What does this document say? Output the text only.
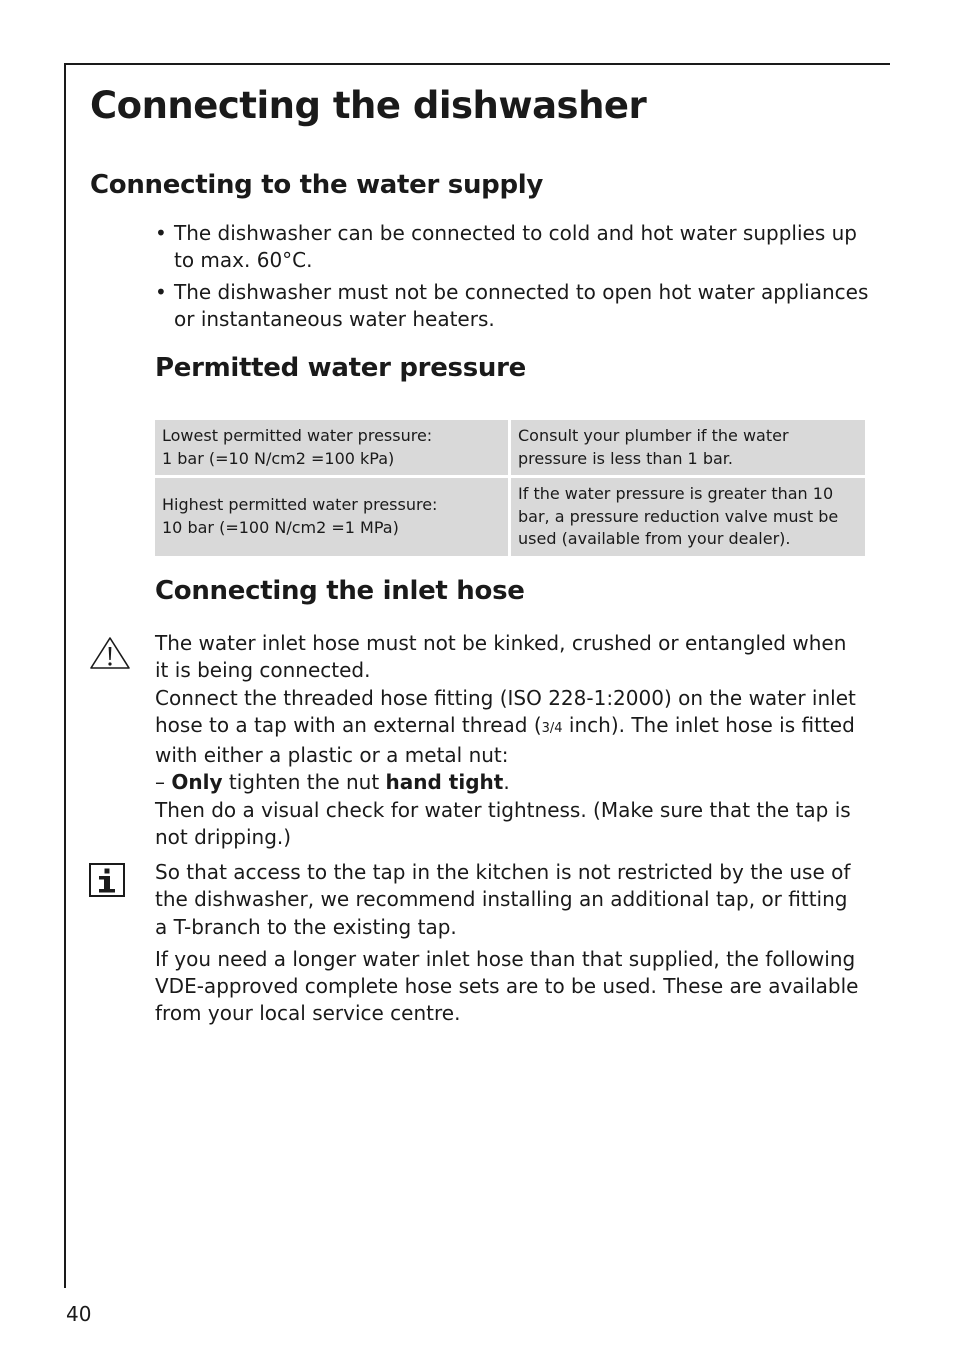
Connecting the dishwasher
Connecting to the water supply
• The dishwasher can be connected to cold and hot water supplies up to max. 60°C.
• The dishwasher must not be connected to open hot water appliances or instantaneous water heaters.
Permitted water pressure
Lowest permitted water pressure:
1 bar (=10 N/cm2 =100 kPa)	Consult your plumber if the water pressure is less than 1 bar.

Highest permitted water pressure:
10 bar (=100 N/cm2 =1 MPa)	If the water pressure is greater than 10 bar, a pressure reduction valve must be used (available from your dealer).
Connecting the inlet hose

The water inlet hose must not be kinked, crushed or entangled when it is being connected.

Connect the threaded hose fitting (ISO 228-1:2000) on the water inlet hose to a tap with an external thread (3/4 inch). The inlet hose is fitted with either a plastic or a metal nut:

– Only tighten the nut hand tight.

Then do a visual check for water tightness. (Make sure that the tap is not dripping.)

So that access to the tap in the kitchen is not restricted by the use of the dishwasher, we recommend installing an additional tap, or fitting a T-branch to the existing tap.

If you need a longer water inlet hose than that supplied, the following VDE-approved complete hose sets are to be used. These are available from your local service centre.

40
